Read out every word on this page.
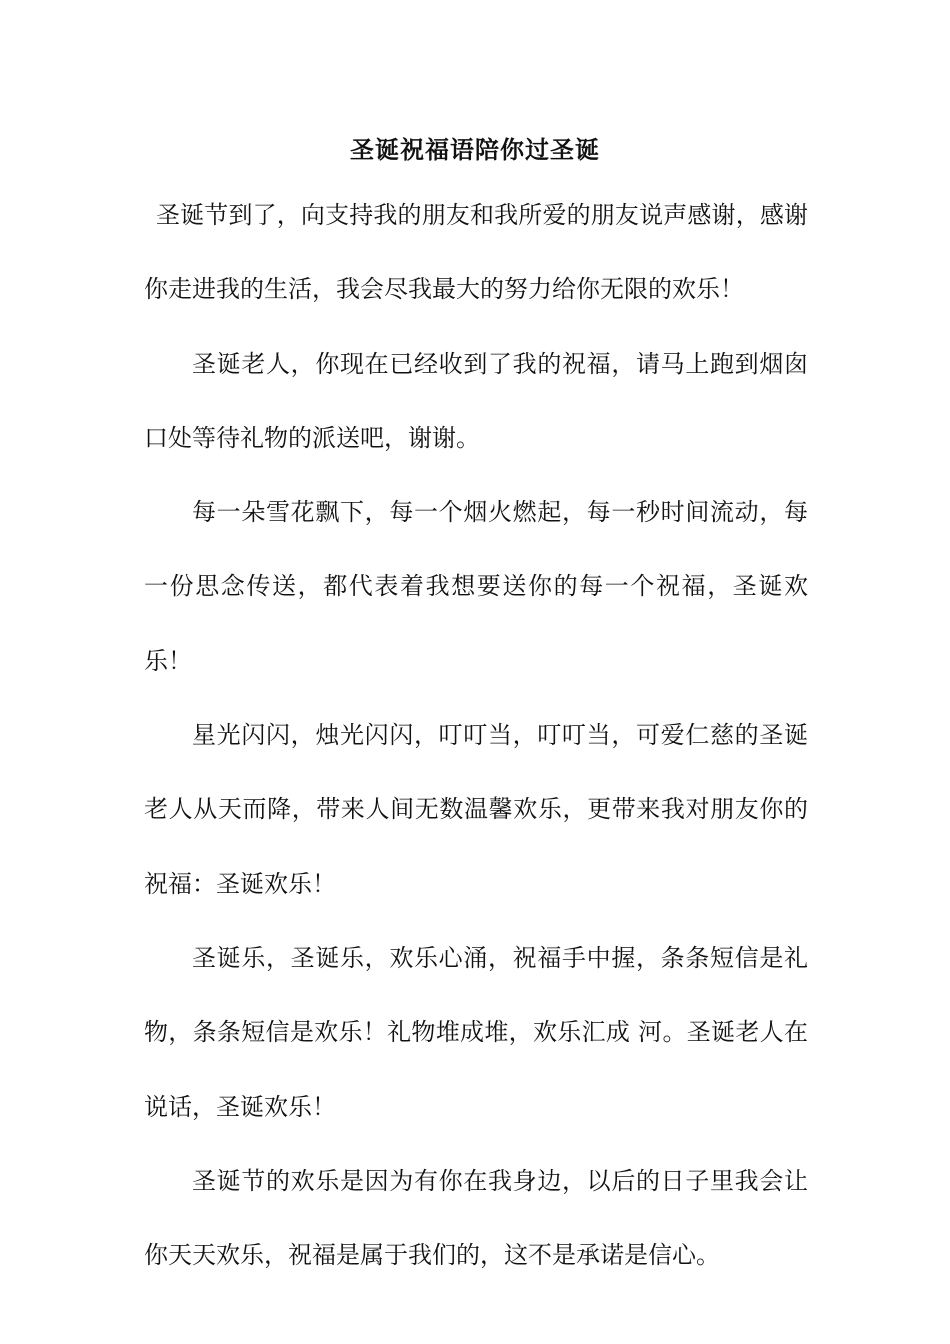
圣诞祝福语陪你过圣诞

圣诞节到了，向支持我的朋友和我所爱的朋友说声感谢，感谢你走进我的生活，我会尽我最大的努力给你无限的欢乐！

圣诞老人，你现在已经收到了我的祝福，请马上跑到烟囱口处等待礼物的派送吧，谢谢。

每一朵雪花飘下，每一个烟火燃起，每一秒时间流动，每一份思念传送，都代表着我想要送你的每一个祝福，圣诞欢乐！

星光闪闪，烛光闪闪，叮叮当，叮叮当，可爱仁慈的圣诞老人从天而降，带来人间无数温馨欢乐，更带来我对朋友你的祝福：圣诞欢乐！

圣诞乐，圣诞乐，欢乐心涌，祝福手中握，条条短信是礼物，条条短信是欢乐！礼物堆成堆，欢乐汇成 河。圣诞老人在说话，圣诞欢乐！

圣诞节的欢乐是因为有你在我身边，以后的日子里我会让你天天欢乐，祝福是属于我们的，这不是承诺是信心。
